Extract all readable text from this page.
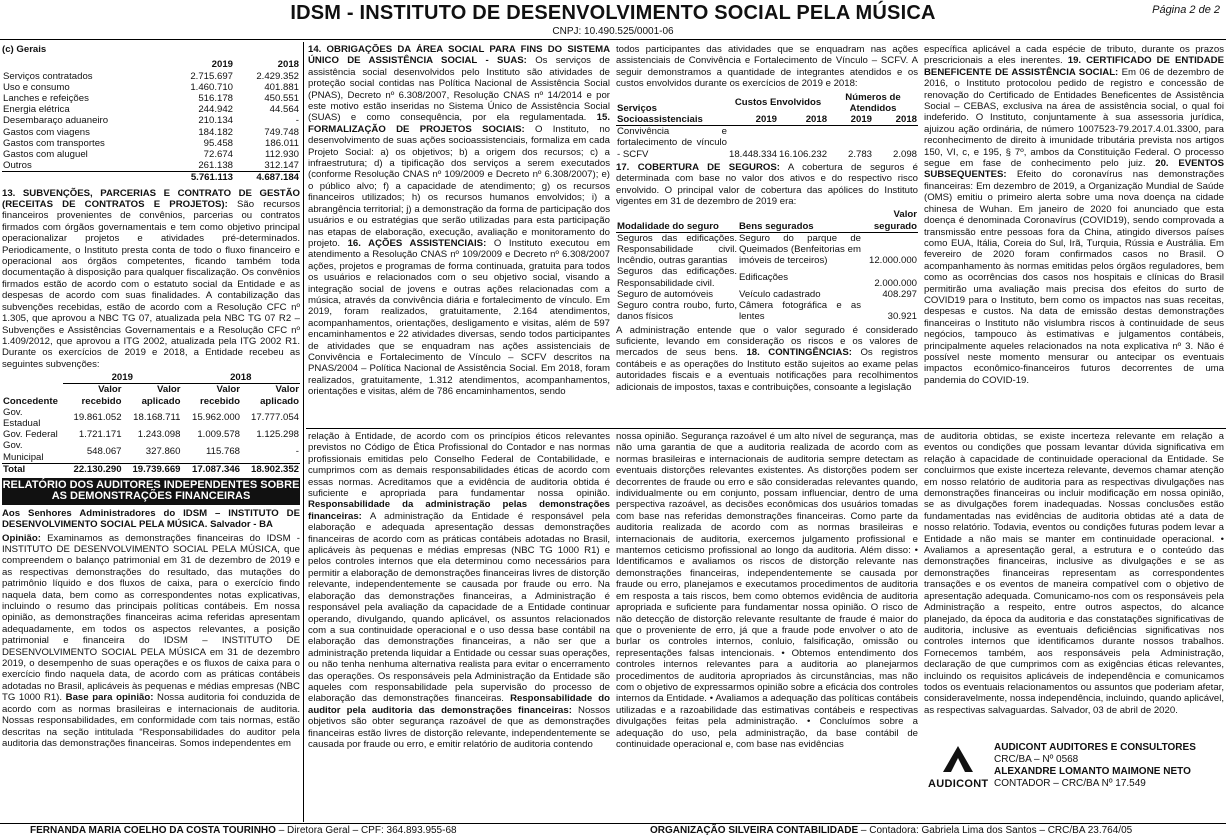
IDSM - INSTITUTO DE DESENVOLVIMENTO SOCIAL PELA MÚSICA
CNPJ: 10.490.525/0001-06
Página 2 de 2
(c) Gerais
	2019	2018
Serviços contratados	2.715.697	2.429.352
Uso e consumo	1.460.710	401.881
Lanches e refeições	516.178	450.551
Energia elétrica	244.942	44.564
Desembaraço aduaneiro	210.134	-
Gastos com viagens	184.182	749.748
Gastos com transportes	95.458	186.011
Gastos com aluguel	72.674	112.930
Outros	261.138	312.147
	5.761.113	4.687.184

13. SUBVENÇÕES, PARCERIAS E CONTRATO DE GESTÃO (RECEITAS DE CONTRATOS E PROJETOS): São recursos financeiros provenientes de convênios, parcerias ou contratos firmados com órgãos governamentais e tem como objetivo principal operacionalizar projetos e atividades pré-determinados. Periodicamente, o Instituto presta conta de todo o fluxo financeiro e operacional aos órgãos competentes, ficando também toda documentação à disposição para qualquer fiscalização. Os convênios firmados estão de acordo com o estatuto social da Entidade e as despesas de acordo com suas finalidades. A contabilização das subvenções recebidas, estão de acordo com a Resolução CFC nº 1.305, que aprovou a NBC TG 07, atualizada pela NBC TG 07 R2 – Subvenções e Assistências Governamentais e a Resolução CFC nº 1.409/2012, que aprovou a ITG 2002, atualizada pela ITG 2002 R1. Durante os exercícios de 2019 e 2018, a Entidade recebeu as seguintes subvenções:

	2019		2018	
Concedente	Valor recebido	Valor aplicado	Valor recebido	Valor aplicado
Gov. Estadual	19.861.052	18.168.711	15.962.000	17.777.054
Gov. Federal	1.721.171	1.243.098	1.009.578	1.125.298
Gov. Municipal	548.067	327.860	115.768	-
Total	22.130.290	19.739.669	17.087.346	18.902.352
RELATÓRIO DOS AUDITORES INDEPENDENTES SOBRE AS DEMONSTRAÇÕES FINANCEIRAS

Aos Senhores Administradores do IDSM – INSTITUTO DE DESENVOLVIMENTO SOCIAL PELA MÚSICA. Salvador - BA

Opinião: Examinamos as demonstrações financeiras do IDSM - INSTITUTO DE DESENVOLVIMENTO SOCIAL PELA MÚSICA, que compreendem o balanço patrimonial em 31 de dezembro de 2019 e as respectivas demonstrações do resultado, das mutações do patrimônio líquido e dos fluxos de caixa, para o exercício findo naquela data, bem como as correspondentes notas explicativas, incluindo o resumo das principais políticas contábeis. Em nossa opinião, as demonstrações financeiras acima referidas apresentam adequadamente, em todos os aspectos relevantes, a posição patrimonial e financeira do IDSM – INSTITUTO DE DESENVOLVIMENTO SOCIAL PELA MÚSICA em 31 de dezembro 2019, o desempenho de suas operações e os fluxos de caixa para o exercício findo naquela data, de acordo com as práticas contábeis adotadas no Brasil, aplicáveis às pequenas e médias empresas (NBC TG 1000 R1). Base para opinião: Nossa auditoria foi conduzida de acordo com as normas brasileiras e internacionais de auditoria. Nossas responsabilidades, em conformidade com tais normas, estão descritas na seção intitulada “Responsabilidades do auditor pela auditoria das demonstrações financeiras. Somos independentes em

14. OBRIGAÇÕES DA ÁREA SOCIAL PARA FINS DO SISTEMA ÚNICO DE ASSISTÊNCIA SOCIAL - SUAS: Os serviços de assistência social desenvolvidos pelo Instituto são atividades de proteção social contidas nas Política Nacional de Assistência Social (PNAS), Decreto nº 6.308/2007, Resolução CNAS nº 14/2014 e por este motivo estão inseridas no Sistema Único de Assistência Social (SUAS) e como consequência, por ela regulamentada. 15. FORMALIZAÇÃO DE PROJETOS SOCIAIS: O Instituto, no desenvolvimento de suas ações socioassistenciais, formaliza em cada Projeto Social: a) os objetivos; b) a origem dos recursos; c) a infraestrutura; d) a tipificação dos serviços a serem executados (conforme Resolução CNAS nº 109/2009 e Decreto nº 6.308/2007); e) o público alvo; f) a capacidade de atendimento; g) os recursos financeiros utilizados; h) os recursos humanos envolvidos; i) a abrangência territorial; j) a demonstração da forma de participação dos usuários e ou estratégias que serão utilizadas para esta participação nas etapas de elaboração, execução, avaliação e monitoramento do projeto. 16. AÇÕES ASSISTENCIAIS: O Instituto executou em atendimento a Resolução CNAS nº 109/2009 e Decreto nº 6.308/2007 ações, projetos e programas de forma continuada, gratuita para todos os usuários e relacionados com o seu objetivo social, visando a integração social de jovens e outras ações relacionadas com a música, através da convivência diária e fortalecimento de vínculo. Em 2019, foram realizados, gratuitamente, 2.164 atendimentos, acompanhamentos, orientações, desligamento e visitas, além de 597 encaminhamentos e 22 atividades diversas, sendo todos participantes de atividades que se enquadram nas ações assistenciais de Convivência e Fortalecimento de Vínculo – SCFV descritos na PNAS/2004 – Política Nacional de Assistência Social. Em 2018, foram realizados, gratuitamente, 1.312 atendimentos, acompanhamentos, orientações e visitas, além de 786 encaminhamentos, sendo

todos participantes das atividades que se enquadram nas ações assistenciais de Convivência e Fortalecimento de Vínculo – SCFV. A seguir demonstramos a quantidade de integrantes atendidos e os custos envolvidos durante os exercícios de 2019 e 2018:

Serviços Socioassistenciais	Custos Envolvidos		Números de Atendidos	
	2019	2018	2019	2018
Convivência e fortalecimento de vínculo - SCFV	18.448.334	16.106.232	2.783	2.098

17. COBERTURA DE SEGUROS: A cobertura de seguros é determinada com base no valor dos ativos e do respectivo risco envolvido. O principal valor de cobertura das apólices do Instituto vigentes em 31 de dezembro de 2019 era:

Modalidade do seguro	Bens segurados	Valor segurado
Seguros das edificações. Responsabilidade civil. Incêndio, outras garantias	Seguro do parque de Queimados (Benfeitorias em imóveis de terceiros)	12.000.000
Seguros das edificações. Responsabilidade civil.	Edificações	2.000.000
Seguro de automóveis	Veículo cadastrado	408.297
Seguro contra roubo, furto, danos físicos	Câmera fotográfica e as lentes	30.921

A administração entende que o valor segurado é considerado suficiente, levando em consideração os riscos e os valores de mercados de seus bens. 18. CONTINGÊNCIAS: Os registros contábeis e as operações do Instituto estão sujeitos ao exame pelas autoridades fiscais e a eventuais notificações para recolhimentos adicionais de impostos, taxas e contribuições, consoante a legislação

específica aplicável a cada espécie de tributo, durante os prazos prescricionais a eles inerentes. 19. CERTIFICADO DE ENTIDADE BENEFICENTE DE ASSISTÊNCIA SOCIAL: Em 06 de dezembro de 2016, o Instituto protocolou pedido de registro e concessão de renovação do Certificado de Entidades Beneficentes de Assistência Social – CEBAS, exclusiva na área de assistência social, o qual foi indeferido. O Instituto, conjuntamente à sua assessoria jurídica, ajuizou ação ordinária, de número 1007523-79.2017.4.01.3300, para reconhecimento de direito à imunidade tributária prevista nos artigos 150, VI, c, e 195, § 7º, ambos da Constituição Federal. O processo segue em fase de conhecimento pelo juiz. 20. EVENTOS SUBSEQUENTES: Efeito do coronavírus nas demonstrações financeiras: Em dezembro de 2019, a Organização Mundial de Saúde (OMS) emitiu o primeiro alerta sobre uma nova doença na cidade chinesa de Wuhan. Em janeiro de 2020 foi anunciado que esta doença é denominada Coronavírus (COVID19), sendo comprovada a transmissão entre pessoas fora da China, atingido diversos países como EUA, Itália, Coreia do Sul, Irã, Turquia, Rússia e Austrália. Em fevereiro de 2020 foram confirmados casos no Brasil. O acompanhamento às normas emitidas pelos órgãos reguladores, bem como as ocorrências dos casos nos hospitais e clínicas do Brasil permitirão uma avaliação mais precisa dos efeitos do surto de COVID19 para o Instituto, bem como os impactos nas suas receitas, despesas e custos. Na data de emissão destas demonstrações financeiras o Instituto não vislumbra riscos à continuidade de seus negócios, tampouco às estimativas e julgamentos contábeis, principalmente aqueles relacionados na nota explicativa nº 3. Não é possível neste momento mensurar ou antecipar os eventuais impactos econômico-financeiros futuros decorrentes de uma pandemia do COVID-19.

relação à Entidade, de acordo com os princípios éticos relevantes previstos no Código de Ética Profissional do Contador e nas normas profissionais emitidas pelo Conselho Federal de Contabilidade, e cumprimos com as demais responsabilidades éticas de acordo com essas normas. Acreditamos que a evidência de auditoria obtida é suficiente e apropriada para fundamentar nossa opinião. Responsabilidade da administração pelas demonstrações financeiras: A administração da Entidade é responsável pela elaboração e adequada apresentação dessas demonstrações financeiras de acordo com as práticas contábeis adotadas no Brasil, aplicáveis às pequenas e médias empresas (NBC TG 1000 R1) e pelos controles internos que ela determinou como necessários para permitir a elaboração de demonstrações financeiras livres de distorção relevante, independentemente se causada por fraude ou erro. Na elaboração das demonstrações financeiras, a Administração é responsável pela avaliação da capacidade de a Entidade continuar operando, divulgando, quando aplicável, os assuntos relacionados com a sua continuidade operacional e o uso dessa base contábil na elaboração das demonstrações financeiras, a não ser que a administração pretenda liquidar a Entidade ou cessar suas operações, ou não tenha nenhuma alternativa realista para evitar o encerramento das operações. Os responsáveis pela Administração da Entidade são aqueles com responsabilidade pela supervisão do processo de elaboração das demonstrações financeiras. Responsabilidade do auditor pela auditoria das demonstrações financeiras: Nossos objetivos são obter segurança razoável de que as demonstrações financeiras estão livres de distorção relevante, independentemente se causada por fraude ou erro, e emitir relatório de auditoria contendo

nossa opinião. Segurança razoável é um alto nível de segurança, mas não uma garantia de que a auditoria realizada de acordo com as normas brasileiras e internacionais de auditoria sempre detectam as eventuais distorções relevantes existentes. As distorções podem ser decorrentes de fraude ou erro e são consideradas relevantes quando, individualmente ou em conjunto, possam influenciar, dentro de uma perspectiva razoável, as decisões econômicas dos usuários tomadas com base nas referidas demonstrações financeiras. Como parte da auditoria realizada de acordo com as normas brasileiras e internacionais de auditoria, exercemos julgamento profissional e mantemos ceticismo profissional ao longo da auditoria. Além disso: • Identificamos e avaliamos os riscos de distorção relevante nas demonstrações financeiras, independentemente se causada por fraude ou erro, planejamos e executamos procedimentos de auditoria em resposta a tais riscos, bem como obtemos evidência de auditoria apropriada e suficiente para fundamentar nossa opinião. O risco de não detecção de distorção relevante resultante de fraude é maior do que o proveniente de erro, já que a fraude pode envolver o ato de burlar os controles internos, conluio, falsificação, omissão ou representações falsas intencionais. • Obtemos entendimento dos controles internos relevantes para a auditoria ao planejarmos procedimentos de auditoria apropriados às circunstâncias, mas não com o objetivo de expressarmos opinião sobre a eficácia dos controles internos da Entidade. • Avaliamos a adequação das políticas contábeis utilizadas e a razoabilidade das estimativas contábeis e respectivas divulgações feitas pela administração. • Concluímos sobre a adequação do uso, pela administração, da base contábil de continuidade operacional e, com base nas evidências

de auditoria obtidas, se existe incerteza relevante em relação a eventos ou condições que possam levantar dúvida significativa em relação à capacidade de continuidade operacional da Entidade. Se concluirmos que existe incerteza relevante, devemos chamar atenção em nosso relatório de auditoria para as respectivas divulgações nas demonstrações financeiras ou incluir modificação em nossa opinião, se as divulgações forem inadequadas. Nossas conclusões estão fundamentadas nas evidências de auditoria obtidas até a data de nosso relatório. Todavia, eventos ou condições futuras podem levar a Entidade a não mais se manter em continuidade operacional. • Avaliamos a apresentação geral, a estrutura e o conteúdo das demonstrações financeiras, inclusive as divulgações e se as demonstrações financeiras representam as correspondentes transações e os eventos de maneira compatível com o objetivo de apresentação adequada. Comunicamo-nos com os responsáveis pela Administração a respeito, entre outros aspectos, do alcance planejado, da época da auditoria e das constatações significativas de auditoria, inclusive as eventuais deficiências significativas nos controles internos que identificamos durante nossos trabalhos. Fornecemos também, aos responsáveis pela Administração, declaração de que cumprimos com as exigências éticas relevantes, incluindo os requisitos aplicáveis de independência e comunicamos todos os eventuais relacionamentos ou assuntos que poderiam afetar, consideravelmente, nossa independência, incluindo, quando aplicável, as respectivas salvaguardas. Salvador, 03 de abril de 2020.

AUDICONT
AUDICONT AUDITORES E CONSULTORES
CRC/BA – Nº 0568
ALEXANDRE LOMANTO MAIMONE NETO
CONTADOR – CRC/BA Nº 17.549
FERNANDA MARIA COELHO DA COSTA TOURINHO – Diretora Geral – CPF: 364.893.955-68	ORGANIZAÇÃO SILVEIRA CONTABILIDADE – Contadora: Gabriela Lima dos Santos – CRC/BA 23.764/05
